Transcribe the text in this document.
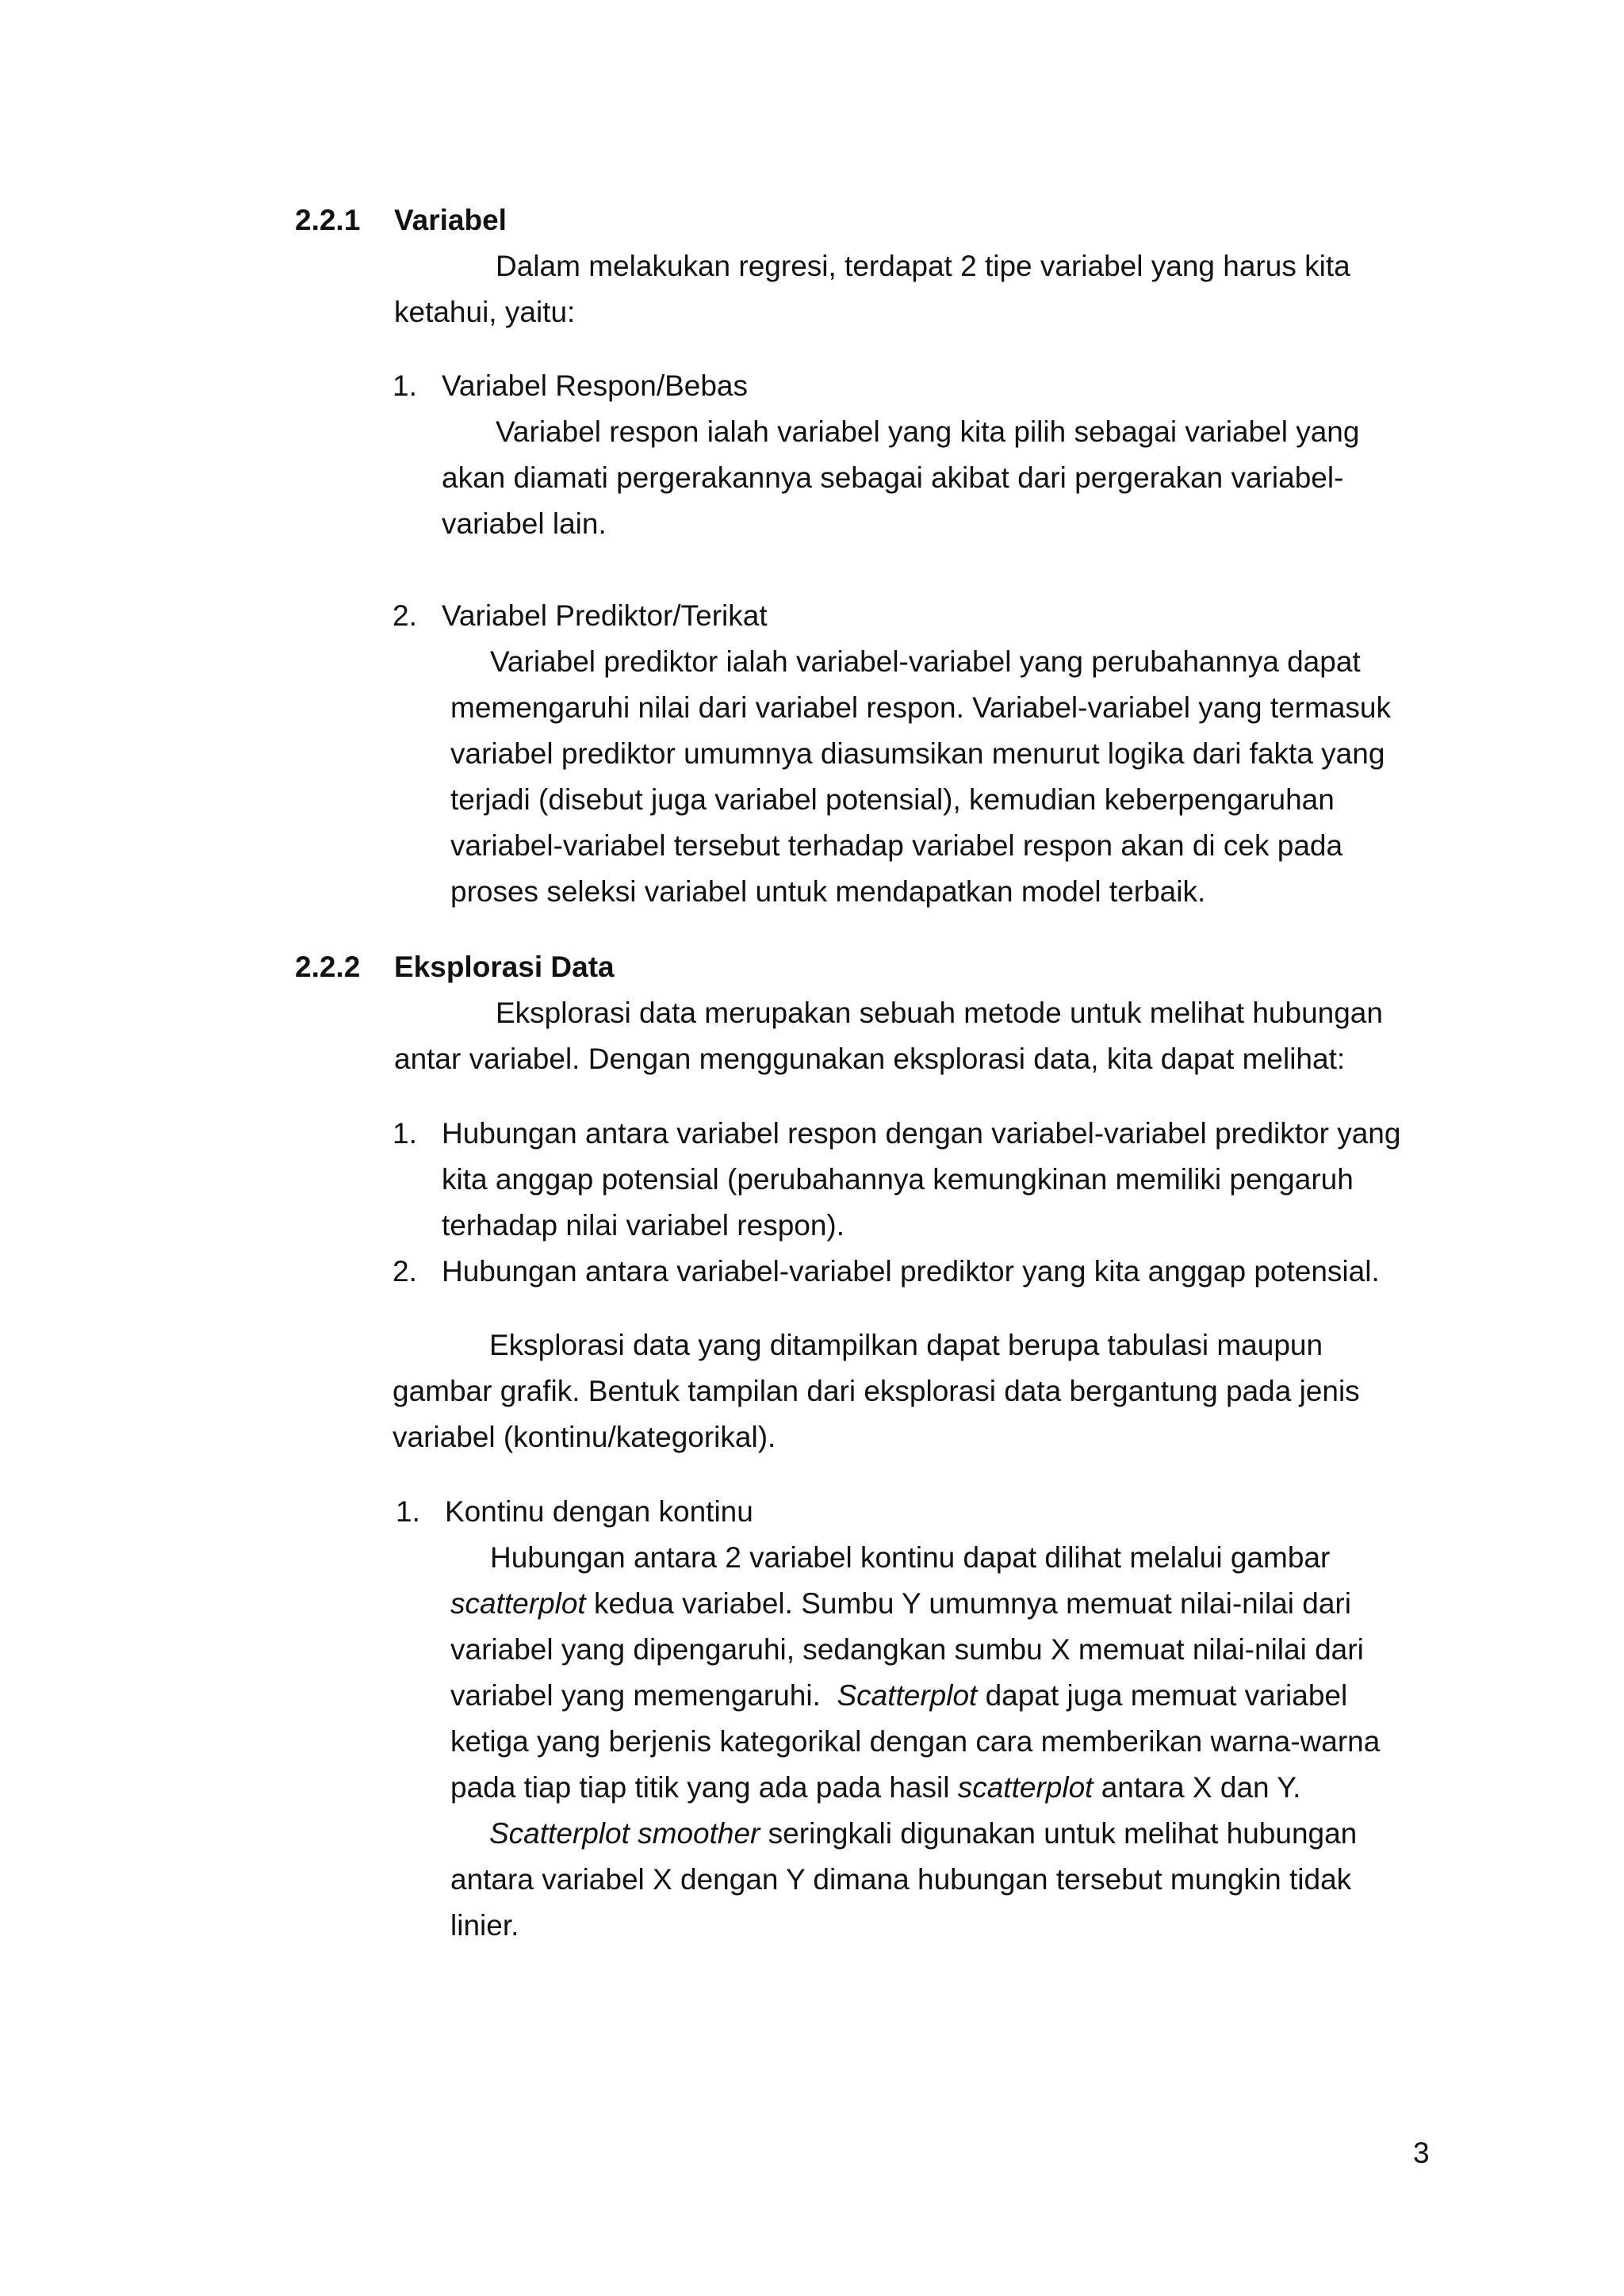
2.2.1 Variabel
Dalam melakukan regresi, terdapat 2 tipe variabel yang harus kita
ketahui, yaitu:
1. Variabel Respon/Bebas
Variabel respon ialah variabel yang kita pilih sebagai variabel yang
akan diamati pergerakannya sebagai akibat dari pergerakan variabel-
variabel lain.
2. Variabel Prediktor/Terikat
Variabel prediktor ialah variabel-variabel yang perubahannya dapat
memengaruhi nilai dari variabel respon. Variabel-variabel yang termasuk
variabel prediktor umumnya diasumsikan menurut logika dari fakta yang
terjadi (disebut juga variabel potensial), kemudian keberpengaruhan
variabel-variabel tersebut terhadap variabel respon akan di cek pada
proses seleksi variabel untuk mendapatkan model terbaik.
2.2.2 Eksplorasi Data
Eksplorasi data merupakan sebuah metode untuk melihat hubungan
antar variabel. Dengan menggunakan eksplorasi data, kita dapat melihat:
1. Hubungan antara variabel respon dengan variabel-variabel prediktor yang
kita anggap potensial (perubahannya kemungkinan memiliki pengaruh
terhadap nilai variabel respon).
2. Hubungan antara variabel-variabel prediktor yang kita anggap potensial.
Eksplorasi data yang ditampilkan dapat berupa tabulasi maupun
gambar grafik. Bentuk tampilan dari eksplorasi data bergantung pada jenis
variabel (kontinu/kategorikal).
1. Kontinu dengan kontinu
Hubungan antara 2 variabel kontinu dapat dilihat melalui gambar
scatterplot kedua variabel. Sumbu Y umumnya memuat nilai-nilai dari
variabel yang dipengaruhi, sedangkan sumbu X memuat nilai-nilai dari
variabel yang memengaruhi.  Scatterplot dapat juga memuat variabel
ketiga yang berjenis kategorikal dengan cara memberikan warna-warna
pada tiap tiap titik yang ada pada hasil scatterplot antara X dan Y.
Scatterplot smoother seringkali digunakan untuk melihat hubungan
antara variabel X dengan Y dimana hubungan tersebut mungkin tidak
linier.
3
